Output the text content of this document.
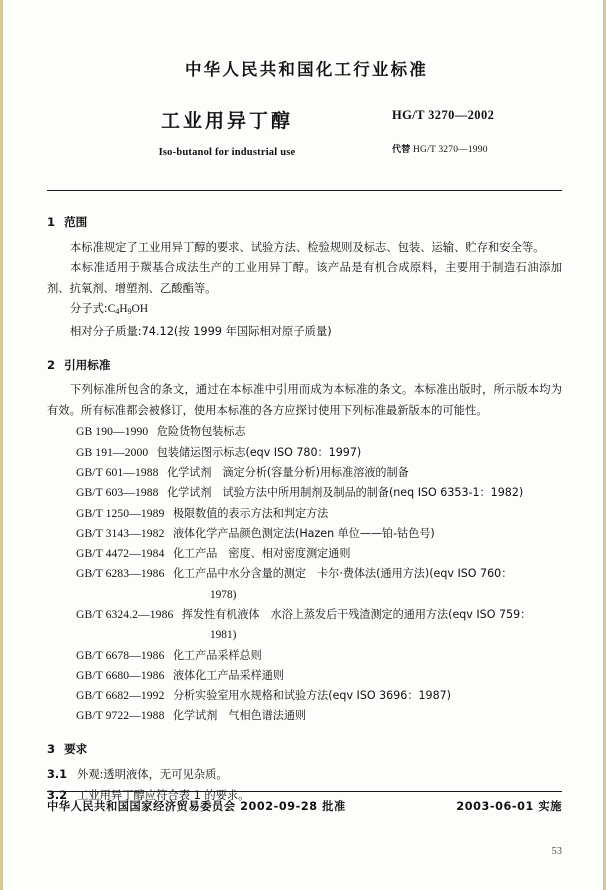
中华人民共和国化工行业标准
工业用异丁醇
Iso-butanol for industrial use
HG/T 3270—2002
代替 HG/T 3270—1990
1 范围

本标准规定了工业用异丁醇的要求、试验方法、检验规则及标志、包装、运输、贮存和安全等。

本标准适用于羰基合成法生产的工业用异丁醇。该产品是有机合成原料，主要用于制造石油添加剂、抗氧剂、增塑剂、乙酸酯等。

分子式$:C_4H_9OH$
相对分子质量:74.12(按 1999 年国际相对原子质量)
2 引用标准

下列标准所包含的条文，通过在本标准中引用而成为本标准的条文。本标准出版时，所示版本均为有效。所有标准都会被修订，使用本标准的各方应探讨使用下列标准最新版本的可能性。

GB 190—1990 危险货物包装标志
GB 191—2000 包装储运图示标志(eqv ISO 780：1997)
GB/T 601—1988 化学试剂　滴定分析(容量分析)用标准溶液的制备
GB/T 603—1988 化学试剂　试验方法中所用制剂及制品的制备(neq ISO 6353-1：1982)
GB/T 1250—1989 极限数值的表示方法和判定方法
GB/T 3143—1982 液体化学产品颜色测定法(Hazen 单位——铂-钴色号)
GB/T 4472—1984 化工产品　密度、相对密度测定通则
GB/T 6283—1986 化工产品中水分含量的测定　卡尔·费体法(通用方法)(eqv ISO 760：
1978)
GB/T 6324.2—1986 挥发性有机液体　水浴上蒸发后干残渣测定的通用方法(eqv ISO 759：
1981)
GB/T 6678—1986 化工产品采样总则
GB/T 6680—1986 液体化工产品采样通则
GB/T 6682—1992 分析实验室用水规格和试验方法(eqv ISO 3696：1987)
GB/T 9722—1988 化学试剂　气相色谱法通则
3 要求
3.1 外观:透明液体，无可见杂质。
3.2 工业用异丁醇应符合表 1 的要求。
中华人民共和国国家经济贸易委员会 2002-09-28 批准	2003-06-01 实施
53
